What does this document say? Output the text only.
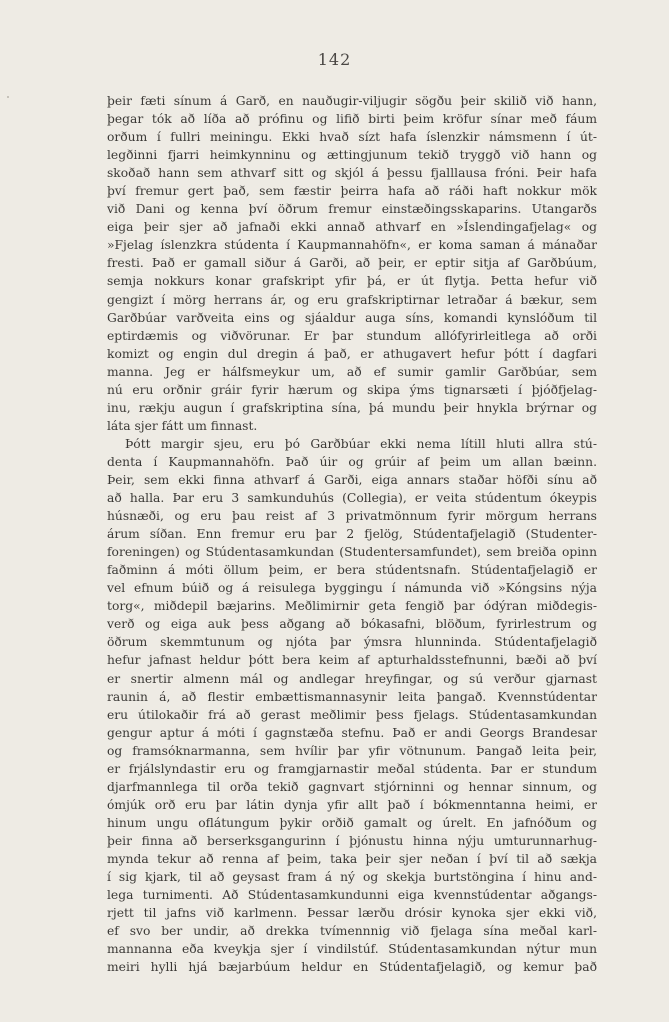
142
þeir fæti sínum á Garð, en nauðugir-viljugir sögðu þeir skilið við hann,
þegar tók að líða að prófinu og lifið birti þeim kröfur sínar með fáum
orðum í fullri meiningu. Ekki hvað sízt hafa íslenzkir námsmenn í út-
legðinni fjarri heimkynninu og ættingjunum tekið tryggð við hann og
skoðað hann sem athvarf sitt og skjól á þessu fjalllausa fróni. Þeir hafa
því fremur gert það, sem fæstir þeirra hafa að ráði haft nokkur mök
við Dani og kenna því öðrum fremur einstæðingsskaparins. Utangarðs
eiga þeir sjer að jafnaði ekki annað athvarf en »Íslendingafjelag« og
»Fjelag íslenzkra stúdenta í Kaupmannahöfn«, er koma saman á mánaðar
fresti. Það er gamall siður á Garði, að þeir, er eptir sitja af Garðbúum,
semja nokkurs konar grafskript yfir þá, er út flytja. Þetta hefur við
gengizt í mörg herrans ár, og eru grafskriptirnar letraðar á bækur, sem
Garðbúar varðveita eins og sjáaldur auga síns, komandi kynslóðum til
eptirdæmis og viðvörunar. Er þar stundum allófyrirleitlega að orði
komizt og engin dul dregin á það, er athugavert hefur þótt í dagfari
manna. Jeg er hálfsmeykur um, að ef sumir gamlir Garðbúar, sem
nú eru orðnir gráir fyrir hærum og skipa ýms tignarsæti í þjóðfjelag-
inu, rækju augun í grafskriptina sína, þá mundu þeir hnykla brýrnar og
láta sjer fátt um finnast.
Þótt margir sjeu, eru þó Garðbúar ekki nema lítill hluti allra stú-
denta í Kaupmannahöfn. Það úir og grúir af þeim um allan bæinn.
Þeir, sem ekki finna athvarf á Garði, eiga annars staðar höfði sínu að
að halla. Þar eru 3 samkunduhús (Collegia), er veita stúdentum ókeypis
húsnæði, og eru þau reist af 3 privatmönnum fyrir mörgum herrans
árum síðan. Enn fremur eru þar 2 fjelög, Stúdentafjelagið (Studenter-
foreningen) og Stúdentasamkundan (Studentersamfundet), sem breiða opinn
faðminn á móti öllum þeim, er bera stúdentsnafn. Stúdentafjelagið er
vel efnum búið og á reisulega byggingu í námunda við »Kóngsins nýja
torg«, miðdepil bæjarins. Meðlimirnir geta fengið þar ódýran miðdegis-
verð og eiga auk þess aðgang að bókasafni, blöðum, fyrirlestrum og
öðrum skemmtunum og njóta þar ýmsra hlunninda. Stúdentafjelagið
hefur jafnast heldur þótt bera keim af apturhaldsstefnunni, bæði að því
er snertir almenn mál og andlegar hreyfingar, og sú verður gjarnast
raunin á, að flestir embættismannasynir leita þangað. Kvennstúdentar
eru útilokaðir frá að gerast meðlimir þess fjelags. Stúdentasamkundan
gengur aptur á móti í gagnstæða stefnu. Það er andi Georgs Brandesar
og framsóknarmanna, sem hvílir þar yfir vötnunum. Þangað leita þeir,
er frjálslyndastir eru og framgjarnastir meðal stúdenta. Þar er stundum
djarfmannlega til orða tekið gagnvart stjórninni og hennar sinnum, og
ómjúk orð eru þar látin dynja yfir allt það í bókmenntanna heimi, er
hinum ungu oflátungum þykir orðið gamalt og úrelt. En jafnóðum og
þeir finna að berserksgangurinn í þjónustu hinna nýju umturunnarhug-
mynda tekur að renna af þeim, taka þeir sjer neðan í því til að sækja
í sig kjark, til að geysast fram á ný og skekja burtstöngina í hinu and-
lega turnimenti. Að Stúdentasamkundunni eiga kvennstúdentar aðgangs-
rjett til jafns við karlmenn. Þessar lærðu drósir kynoka sjer ekki við,
ef svo ber undir, að drekka tvímennnig við fjelaga sína meðal karl-
mannanna eða kveykja sjer í vindilstúf. Stúdentasamkundan nýtur mun
meiri hylli hjá bæjarbúum heldur en Stúdentafjelagið, og kemur það
